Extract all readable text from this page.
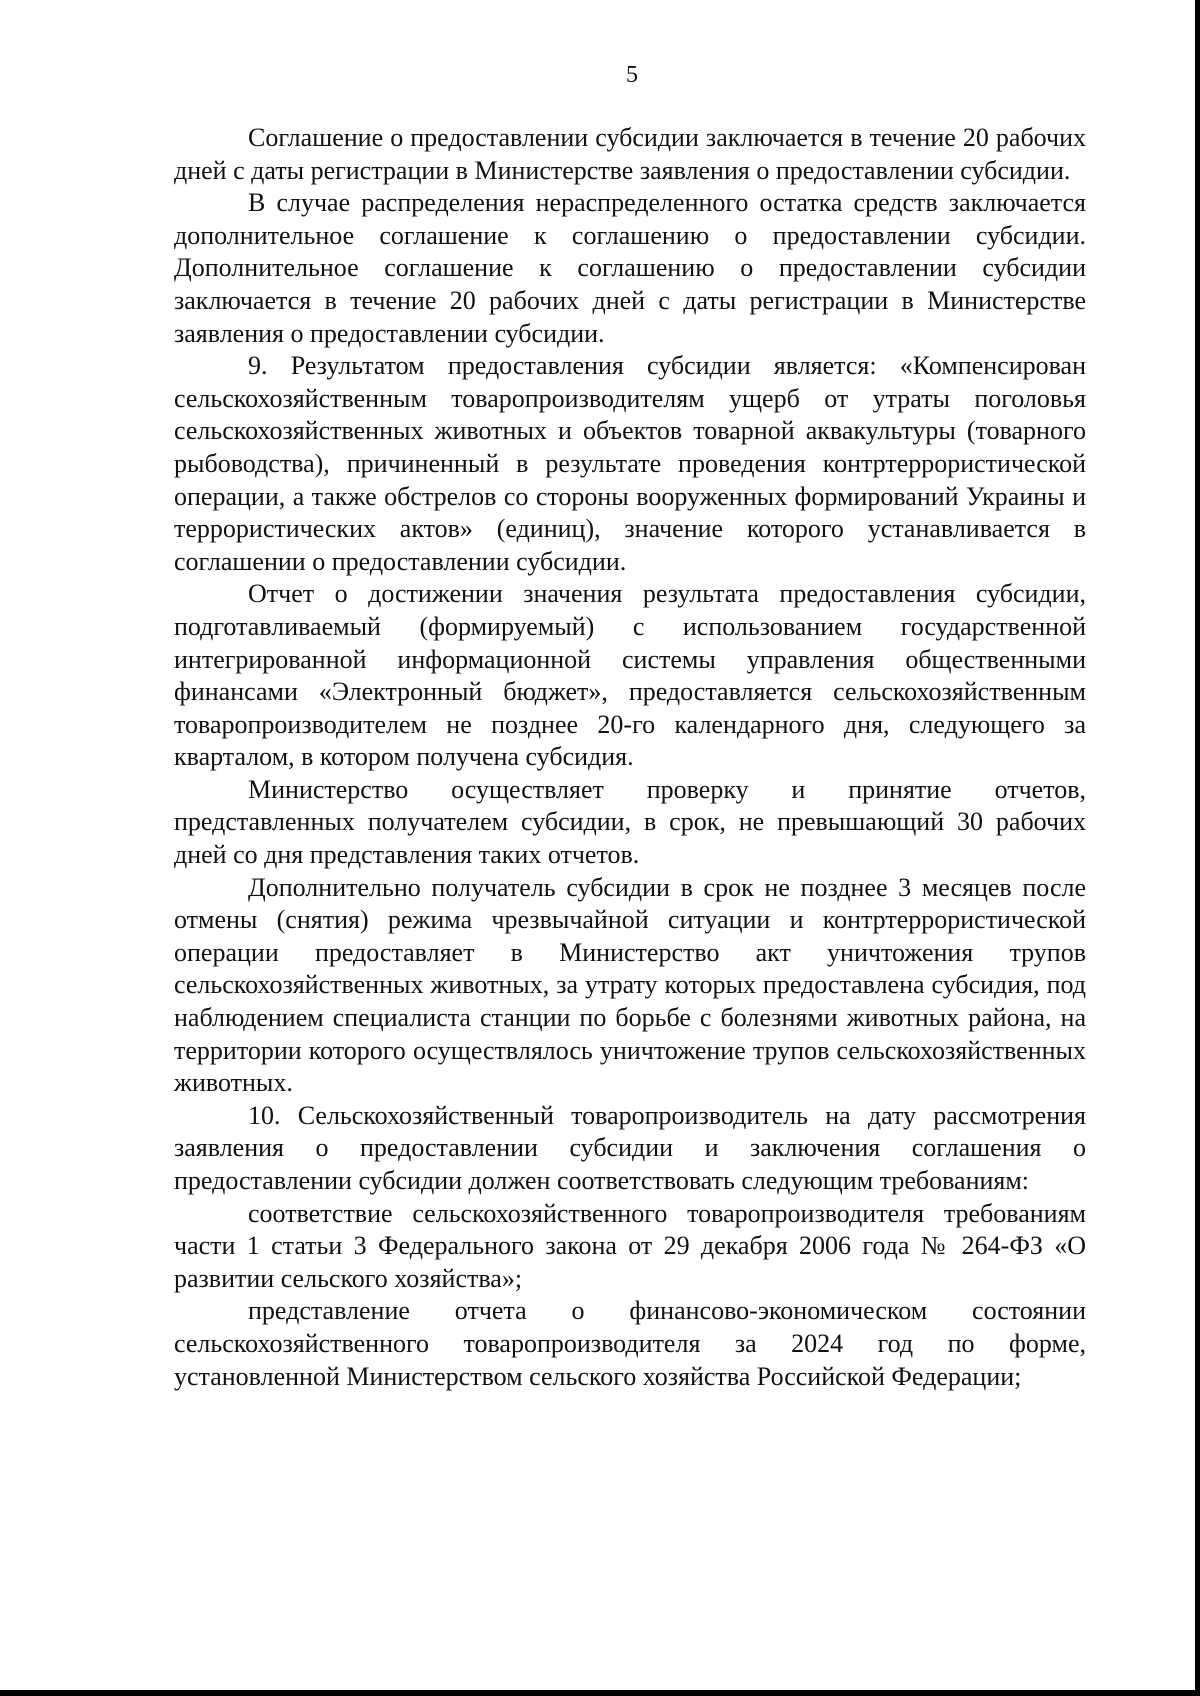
5

Соглашение о предоставлении субсидии заключается в течение 20 рабочих дней с даты регистрации в Министерстве заявления о предоставлении субсидии.

В случае распределения нераспределенного остатка средств заключается дополнительное соглашение к соглашению о предоставлении субсидии. Дополнительное соглашение к соглашению о предоставлении субсидии заключается в течение 20 рабочих дней с даты регистрации в Министерстве заявления о предоставлении субсидии.

9. Результатом предоставления субсидии является: «Компенсирован сельскохозяйственным товаропроизводителям ущерб от утраты поголовья сельскохозяйственных животных и объектов товарной аквакультуры (товарного рыбоводства), причиненный в результате проведения контртеррористической операции, а также обстрелов со стороны вооруженных формирований Украины и террористических актов» (единиц), значение которого устанавливается в соглашении о предоставлении субсидии.

Отчет о достижении значения результата предоставления субсидии, подготавливаемый (формируемый) с использованием государственной интегрированной информационной системы управления общественными финансами «Электронный бюджет», предоставляется сельскохозяйственным товаропроизводителем не позднее 20-го календарного дня, следующего за кварталом, в котором получена субсидия.

Министерство осуществляет проверку и принятие отчетов, представленных получателем субсидии, в срок, не превышающий 30 рабочих дней со дня представления таких отчетов.

Дополнительно получатель субсидии в срок не позднее 3 месяцев после отмены (снятия) режима чрезвычайной ситуации и контртеррористической операции предоставляет в Министерство акт уничтожения трупов сельскохозяйственных животных, за утрату которых предоставлена субсидия, под наблюдением специалиста станции по борьбе с болезнями животных района, на территории которого осуществлялось уничтожение трупов сельскохозяйственных животных.

10. Сельскохозяйственный товаропроизводитель на дату рассмотрения заявления о предоставлении субсидии и заключения соглашения о предоставлении субсидии должен соответствовать следующим требованиям:

соответствие сельскохозяйственного товаропроизводителя требованиям части 1 статьи 3 Федерального закона от 29 декабря 2006 года № 264-ФЗ «О развитии сельского хозяйства»;

представление отчета о финансово-экономическом состоянии сельскохозяйственного товаропроизводителя за 2024 год по форме, установленной Министерством сельского хозяйства Российской Федерации;
